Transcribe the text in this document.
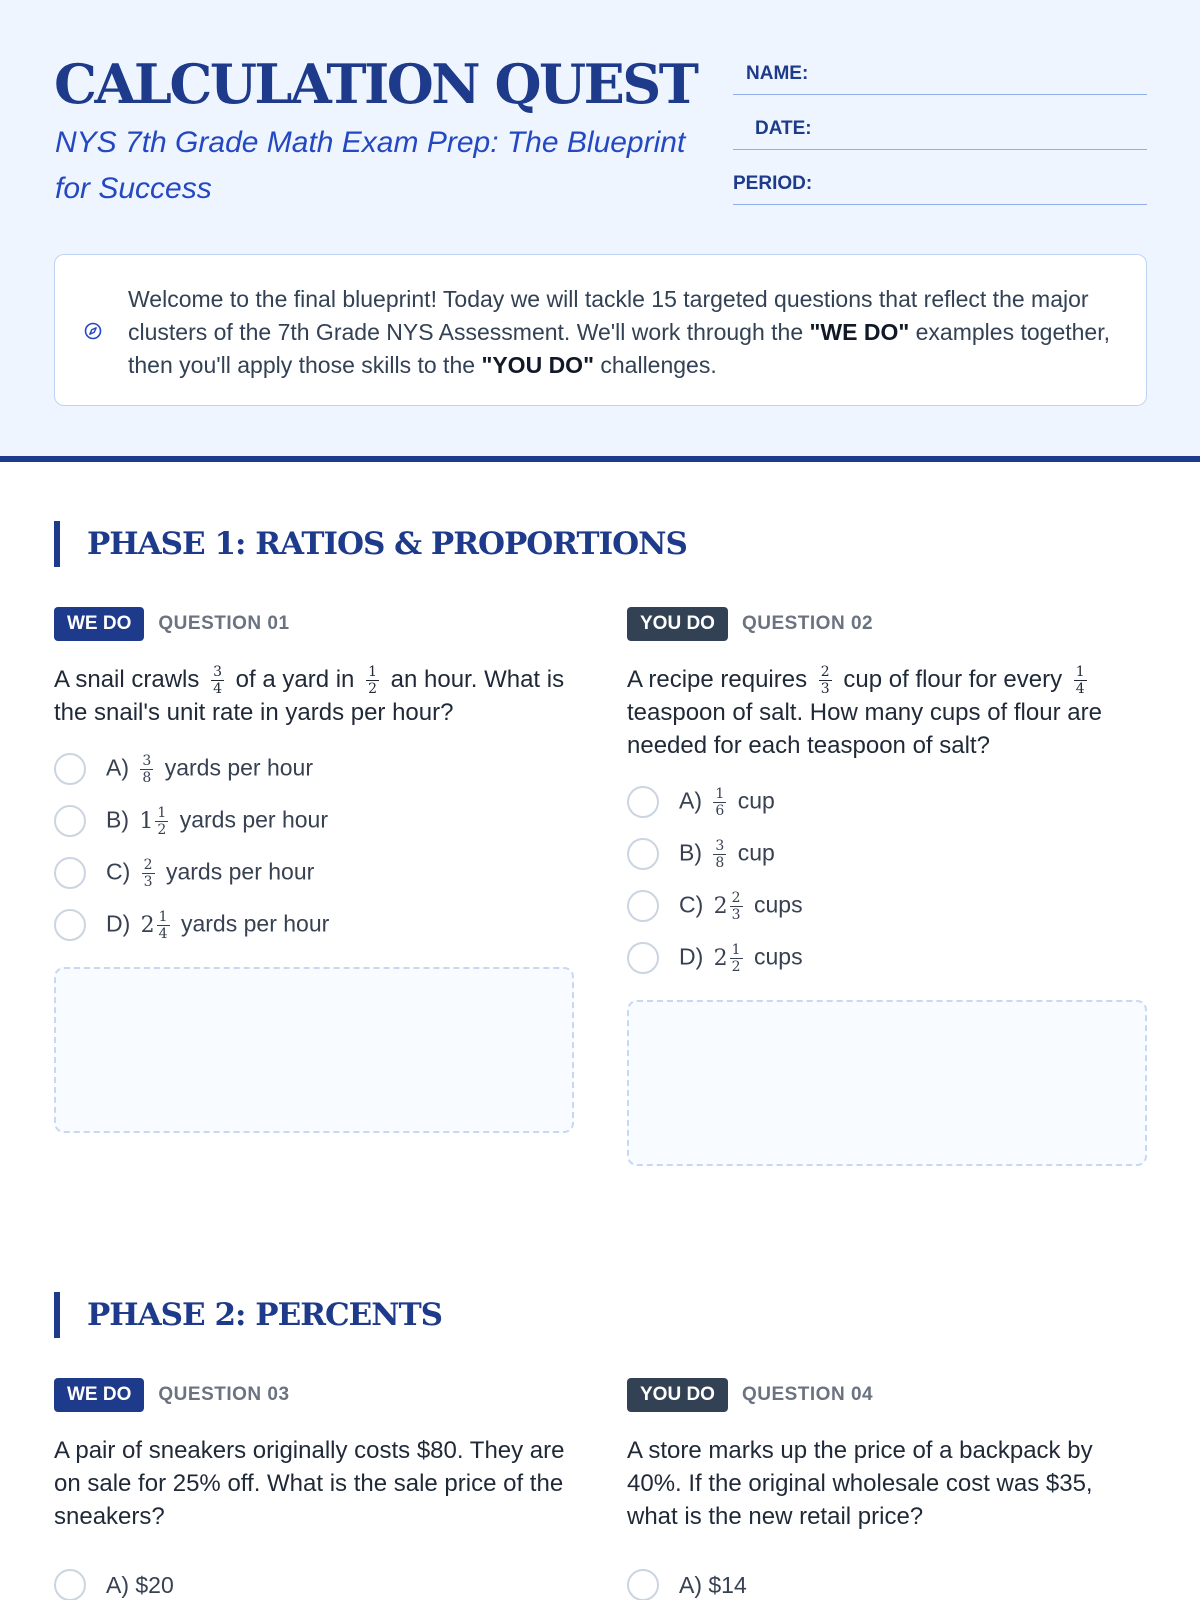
CALCULATION QUEST
NYS 7th Grade Math Exam Prep: The Blueprint for Success
NAME:
DATE:
PERIOD:
Welcome to the final blueprint! Today we will tackle 15 targeted questions that reflect the major clusters of the 7th Grade NYS Assessment. We'll work through the "WE DO" examples together, then you'll apply those skills to the "YOU DO" challenges.
PHASE 1: RATIOS & PROPORTIONS
WE DO	QUESTION 01
A snail crawls $\frac{3}{4}$ of a yard in $\frac{1}{2}$ an hour. What is the snail's unit rate in yards per hour?
$A) \frac{3}{8}$ yards per hour
B) $1 \frac{1}{2}$ yards per hour
$C) \frac{2}{3}$ yards per hour
D) $2 \frac{1}{4}$ yards per hour
YOU DO	QUESTION 02
A recipe requires $\frac{2}{3}$ cup of flour for every $\frac{1}{4}$
teaspoon of salt. How many cups of flour are needed for each teaspoon of salt?
$A) \frac{1}{6}$ cup
$B) \frac{3}{8}$ cup
C) $2 \frac{2}{3}$ cups
D) $2 \frac{1}{2}$ cups
PHASE 2: PERCENTS
WE DO	QUESTION 03
A pair of sneakers originally costs $80. They are on sale for 25% off. What is the sale price of the sneakers?
A) $20
YOU DO	QUESTION 04
A store marks up the price of a backpack by 40%. If the original wholesale cost was $35, what is the new retail price?
A) $14
